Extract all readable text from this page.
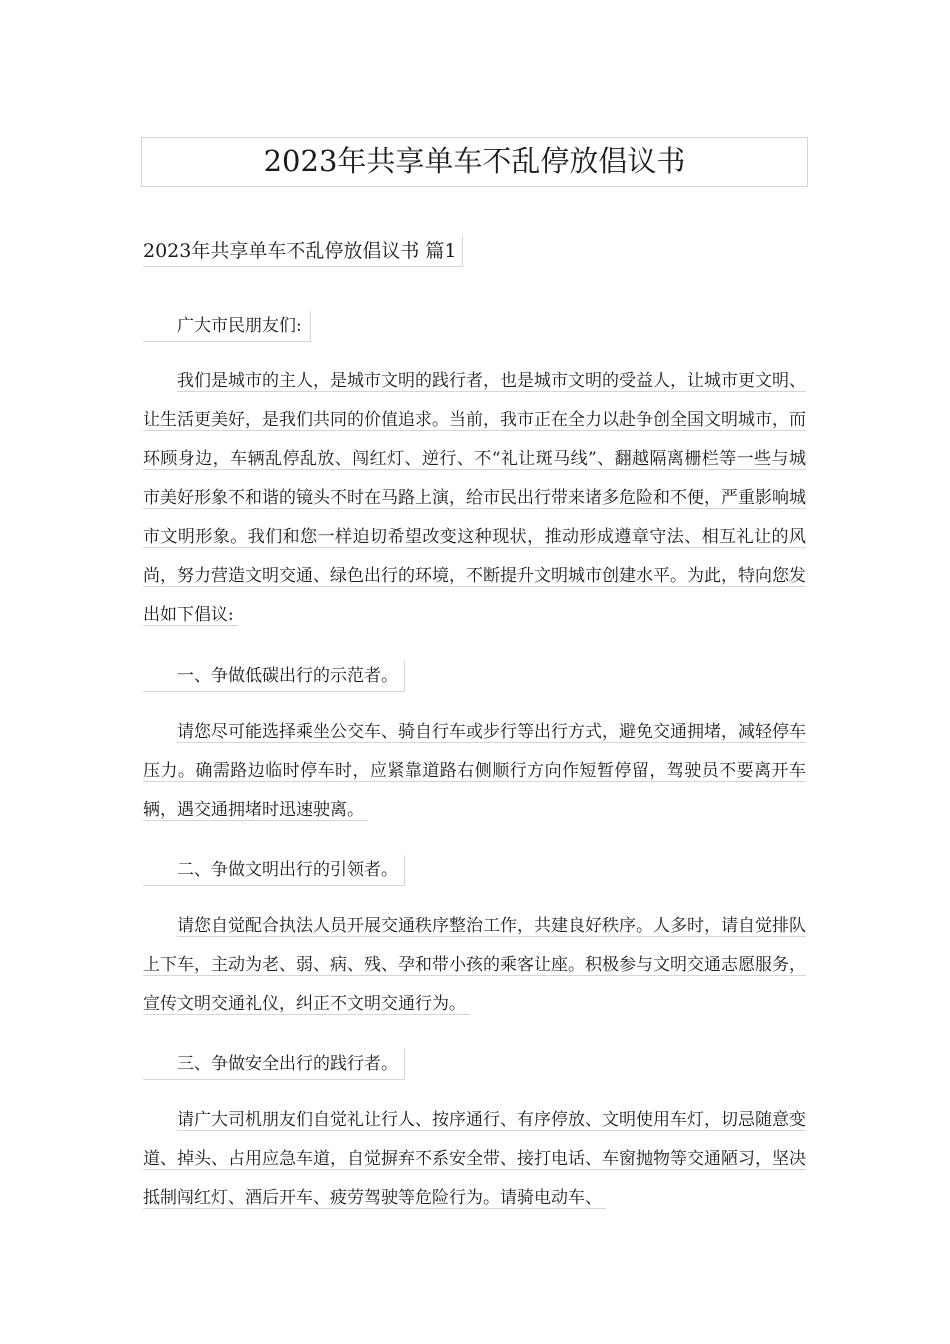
2023年共享单车不乱停放倡议书
2023年共享单车不乱停放倡议书 篇1
广大市民朋友们:
我们是城市的主人，是城市文明的践行者，也是城市文明的受益人，让城市更文明、让生活更美好，是我们共同的价值追求。当前，我市正在全力以赴争创全国文明城市，而环顾身边，车辆乱停乱放、闯红灯、逆行、不“礼让斑马线”、翻越隔离栅栏等一些与城市美好形象不和谐的镜头不时在马路上演，给市民出行带来诸多危险和不便，严重影响城市文明形象。我们和您一样迫切希望改变这种现状，推动形成遵章守法、相互礼让的风尚，努力营造文明交通、绿色出行的环境，不断提升文明城市创建水平。为此，特向您发出如下倡议:
一、争做低碳出行的示范者。
请您尽可能选择乘坐公交车、骑自行车或步行等出行方式，避免交通拥堵，减轻停车压力。确需路边临时停车时，应紧靠道路右侧顺行方向作短暂停留，驾驶员不要离开车辆，遇交通拥堵时迅速驶离。
二、争做文明出行的引领者。
请您自觉配合执法人员开展交通秩序整治工作，共建良好秩序。人多时，请自觉排队上下车，主动为老、弱、病、残、孕和带小孩的乘客让座。积极参与文明交通志愿服务，宣传文明交通礼仪，纠正不文明交通行为。
三、争做安全出行的践行者。
请广大司机朋友们自觉礼让行人、按序通行、有序停放、文明使用车灯，切忌随意变道、掉头、占用应急车道，自觉摒弃不系安全带、接打电话、车窗抛物等交通陋习，坚决抵制闯红灯、酒后开车、疲劳驾驶等危险行为。请骑电动车、
